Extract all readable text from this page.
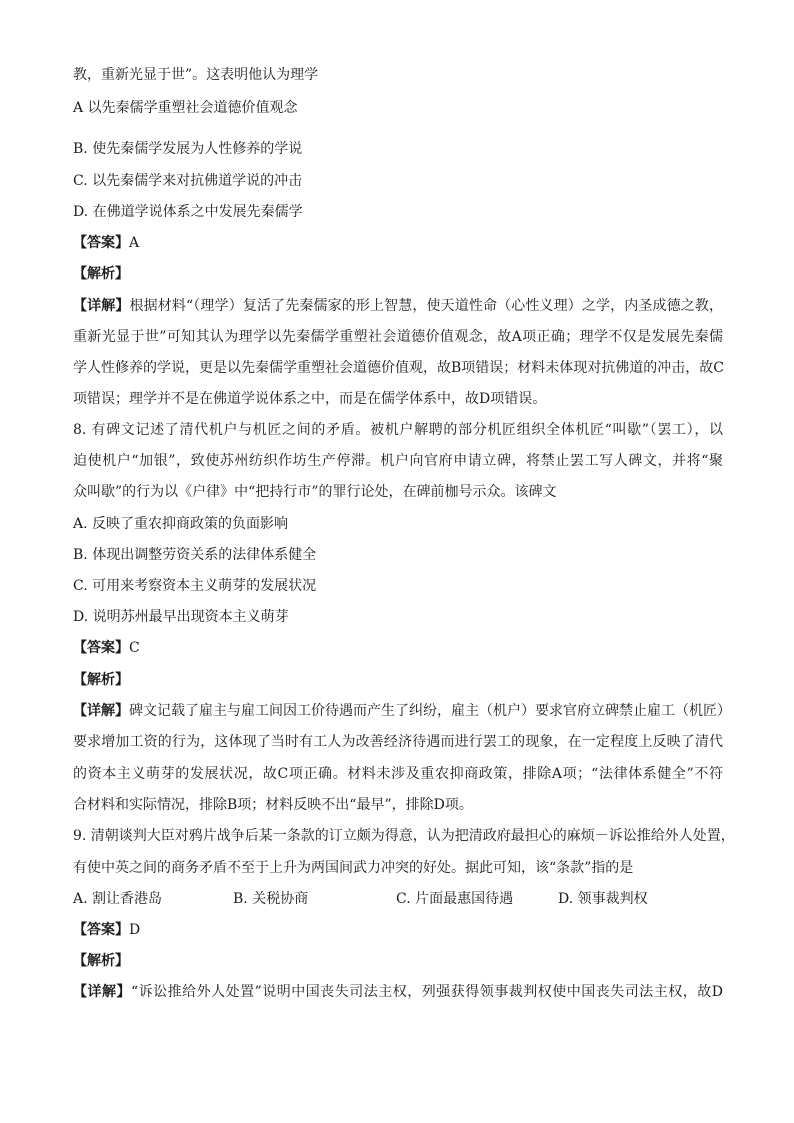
教，重新光显于世”。这表明他认为理学
A 以先秦儒学重塑社会道德价值观念
B. 使先秦儒学发展为人性修养的学说
C. 以先秦儒学来对抗佛道学说的冲击
D. 在佛道学说体系之中发展先秦儒学
【答案】A
【解析】
【详解】根据材料“（理学）复活了先秦儒家的形上智慧，使天道性命（心性义理）之学，内圣成德之教，
重新光显于世”可知其认为理学以先秦儒学重塑社会道德价值观念，故A项正确；理学不仅是发展先秦儒
学人性修养的学说，更是以先秦儒学重塑社会道德价值观，故B项错误；材料未体现对抗佛道的冲击，故C
项错误；理学并不是在佛道学说体系之中，而是在儒学体系中，故D项错误。
8. 有碑文记述了清代机户与机匠之间的矛盾。被机户解聘的部分机匠组织全体机匠“叫歇”（罢工），以
迫使机户“加银”，致使苏州纺织作坊生产停滞。机户向官府申请立碑，将禁止罢工写人碑文，并将“聚
众叫歇”的行为以《户律》中“把持行市”的罪行论处，在碑前枷号示众。该碑文
A. 反映了重农抑商政策的负面影响
B. 体现出调整劳资关系的法律体系健全
C. 可用来考察资本主义萌芽的发展状况
D. 说明苏州最早出现资本主义萌芽
【答案】C
【解析】
【详解】碑文记载了雇主与雇工间因工价待遇而产生了纠纷，雇主（机户）要求官府立碑禁止雇工（机匠）
要求增加工资的行为，这体现了当时有工人为改善经济待遇而进行罢工的现象，在一定程度上反映了清代
的资本主义萌芽的发展状况，故C项正确。材料未涉及重农抑商政策，排除A项；“法律体系健全”不符
合材料和实际情况，排除B项；材料反映不出“最早”，排除D项。
9. 清朝谈判大臣对鸦片战争后某一条款的订立颇为得意，认为把清政府最担心的麻烦－诉讼推给外人处置，
有使中英之间的商务矛盾不至于上升为两国间武力冲突的好处。据此可知，该“条款”指的是
A. 割让香港岛	B. 关税协商	C. 片面最惠国待遇	D. 领事裁判权
【答案】D
【解析】
【详解】“诉讼推给外人处置”说明中国丧失司法主权，列强获得领事裁判权使中国丧失司法主权，故D
